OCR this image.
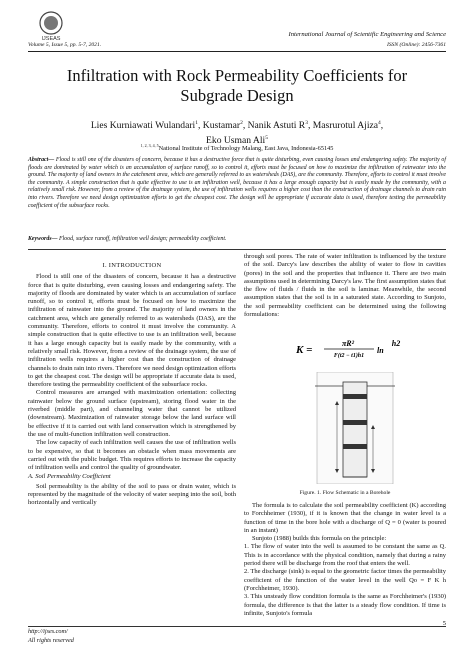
IJSEAS
Volume 5, Issue 5, pp. 5-7, 2021.
International Journal of Scientific Engineering and Science
ISSN (Online): 2456-7361
Infiltration with Rock Permeability Coefficients for
Subgrade Design
Lies Kurniawati Wulandari$^1$, Kustamar$^2$, Nanik Astuti $R^3$, Masrurotul Ajiza$^4$,
Eko Usman Ali$^5$
$^{1, 2, 3, 4, 5}$National Institute of Technology Malang, East Java, Indonesia-65145
Abstract— Flood is still one of the disasters of concern, because it has a destructive force that is quite disturbing, even causing losses and endangering safety. The majority of floods are dominated by water which is an accumulation of surface runoff, so to control it, efforts must be focused on how to maximize the infiltration of rainwater into the ground. The majority of land owners in the catchment area, which are generally referred to as watersheds (DAS), are the community. Therefore, efforts to control it must involve the community. A simple construction that is quite effective to use is an infiltration well, because it has a large enough capacity but is easily made by the community, with a relatively small risk. However, from a review of the drainage system, the use of infiltration wells requires a higher cost than the construction of drainage channels to drain rain into rivers. Therefore we need design optimization efforts to get the cheapest cost. The design will be appropriate if accurate data is used, therefore testing the permeability coefficient of the subsurface rocks.
Keywords— Flood, surface runoff, infiltration well design; permeability coefficient.
I. INTRODUCTION

Flood is still one of the disasters of concern, because it has a destructive force that is quite disturbing, even causing losses and endangering safety. The majority of floods are dominated by water which is an accumulation of surface runoff, so to control it, efforts must be focused on how to maximize the infiltration of rainwater into the ground. The majority of land owners in the catchment area, which are generally referred to as watersheds (DAS), are the community. Therefore, efforts to control it must involve the community. A simple construction that is quite effective to use is an infiltration well, because it has a large enough capacity but is easily made by the community, with a relatively small risk. However, from a review of the drainage system, the use of infiltration wells requires a higher cost than the construction of drainage channels to drain rain into rivers. Therefore we need design optimization efforts to get the cheapest cost. The design will be appropriate if accurate data is used, therefore testing the permeability coefficient of the subsurface rocks.

Control measures are arranged with maximization orientation: collecting rainwater below the ground surface (upstream), storing flood water in the riverbed (middle part), and channeling water that cannot be utilized (downstream). Maximization of rainwater storage below the land surface will be effective if it is carried out with land conservation which is strengthened by the use of multi-function infiltration well construction.

The low capacity of each infiltration well causes the use of infiltration wells to be expensive, so that it becomes an obstacle when mass movements are carried out with the public budget. This requires efforts to increase the capacity of infiltration wells and control the quality of groundwater.

A. Soil Permeability Coefficient

Soil permeability is the ability of the soil to pass or drain water, which is represented by the magnitude of the velocity of water seeping into the soil, both horizontally and vertically

through soil pores. The rate of water infiltration is influenced by the texture of the soil. Darcy's law describes the ability of water to flow in cavities (pores) in the soil and the properties that influence it. There are two main assumptions used in determining Darcy's law. The first assumption states that the flow of fluids / fluids in the soil is laminar. Meanwhile, the second assumption states that the soil is in a saturated state. According to Sunjoto, the soil permeability coefficient can be determined using the following formulations:

K =
πR²
F(t2 − t1)h1
ln
h2
Figure. 1. Flow Schematic in a Borehole

The formula is to calculate the soil permeability coefficient (K) according to Forchheimer (1930), if it is known that the change in water level is a function of time in the bore hole with a discharge of Q = 0 (water is poured in an instant)

Sunjoto (1988) builds this formula on the principle:

1. The flow of water into the well is assumed to be constant the same as Q. This is in accordance with the physical condition, namely that during a rainy period there will be discharge from the roof that enters the well.

2. The discharge (sink) is equal to the geometric factor times the permeability coefficient of the function of the water level in the well Qo = F K h (Forchheimer, 1930).

3. This unsteady flow condition formula is the same as Forchheimer's (1930) formula, the difference is that the latter is a steady flow condition. If time is infinite, Sunjoto's formula

5
http://ijses.com/
All rights reserved
